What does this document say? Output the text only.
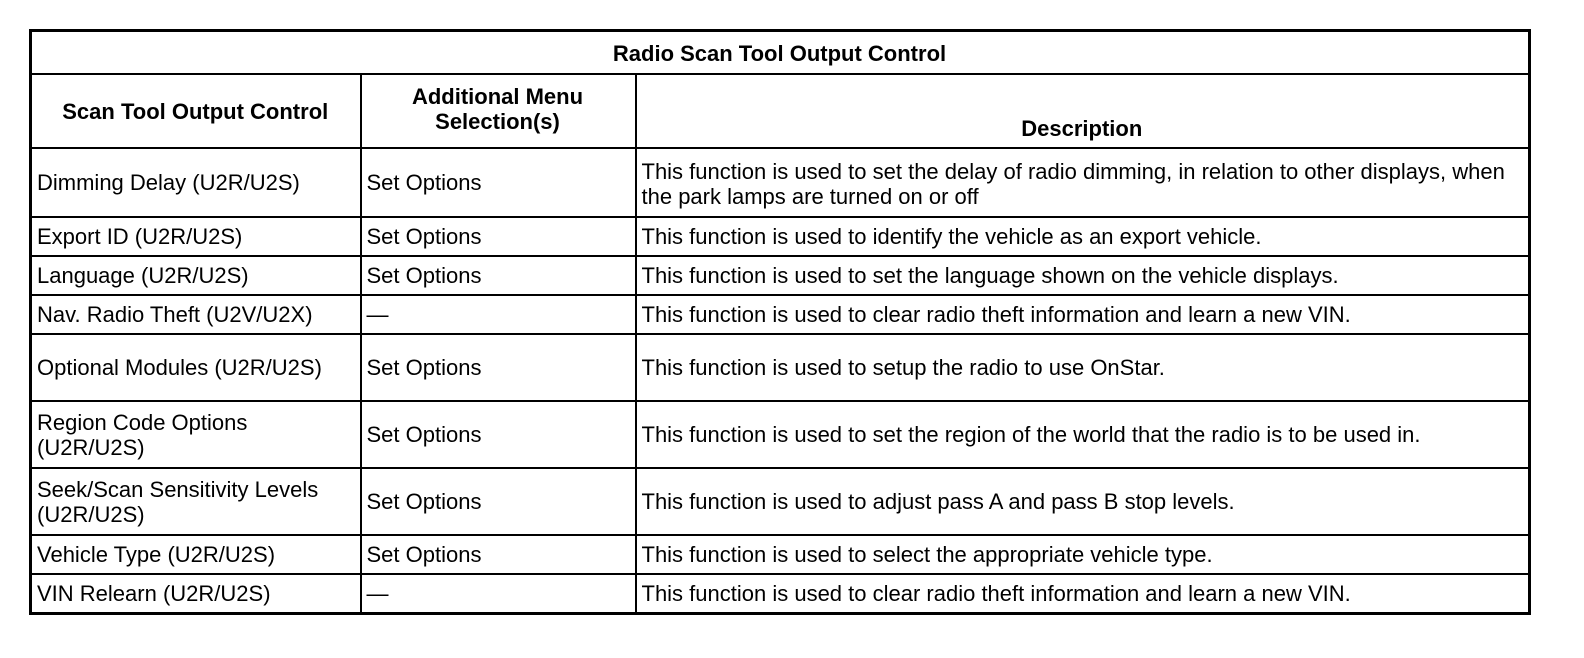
Radio Scan Tool Output Control		
Scan Tool Output Control	Additional Menu Selection(s)	Description
Dimming Delay (U2R/U2S)	Set Options	This function is used to set the delay of radio dimming, in relation to other displays, when the park lamps are turned on or off
Export ID (U2R/U2S)	Set Options	This function is used to identify the vehicle as an export vehicle.
Language (U2R/U2S)	Set Options	This function is used to set the language shown on the vehicle displays.
Nav. Radio Theft (U2V/U2X)	—	This function is used to clear radio theft information and learn a new VIN.
Optional Modules (U2R/U2S)	Set Options	This function is used to setup the radio to use OnStar.
Region Code Options (U2R/U2S)	Set Options	This function is used to set the region of the world that the radio is to be used in.
Seek/Scan Sensitivity Levels (U2R/U2S)	Set Options	This function is used to adjust pass A and pass B stop levels.
Vehicle Type (U2R/U2S)	Set Options	This function is used to select the appropriate vehicle type.
VIN Relearn (U2R/U2S)	—	This function is used to clear radio theft information and learn a new VIN.
